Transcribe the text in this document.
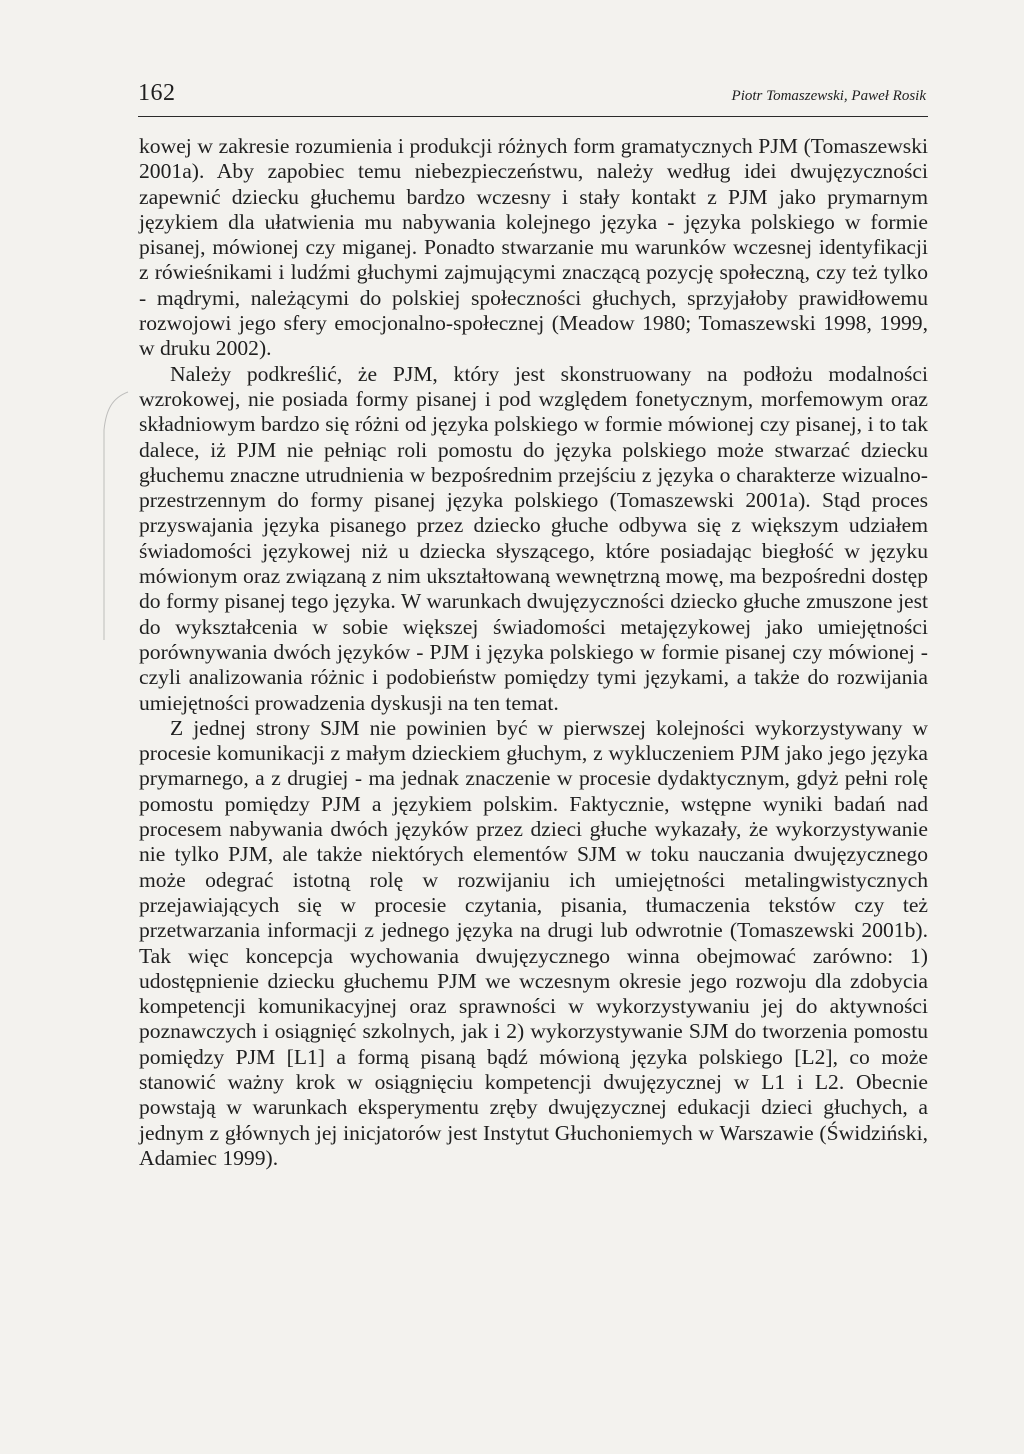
162	Piotr Tomaszewski, Paweł Rosik

kowej w zakresie rozumienia i produkcji różnych form gramatycznych PJM (Tomaszewski 2001a). Aby zapobiec temu niebezpieczeństwu, należy według idei dwujęzyczności zapewnić dziecku głuchemu bardzo wczesny i stały kontakt z PJM jako prymarnym językiem dla ułatwienia mu nabywania kolejnego języka - języka polskiego w formie pisanej, mówionej czy miganej. Ponadto stwarzanie mu warunków wczesnej identyfikacji z rówieśnikami i ludźmi głuchymi zajmującymi znaczącą pozycję społeczną, czy też tylko - mądrymi, należącymi do polskiej społeczności głuchych, sprzyjałoby prawidłowemu rozwojowi jego sfery emocjonalno-społecznej (Meadow 1980; Tomaszewski 1998, 1999, w druku 2002).

Należy podkreślić, że PJM, który jest skonstruowany na podłożu modalności wzrokowej, nie posiada formy pisanej i pod względem fonetycznym, morfemowym oraz składniowym bardzo się różni od języka polskiego w formie mówionej czy pisanej, i to tak dalece, iż PJM nie pełniąc roli pomostu do języka polskiego może stwarzać dziecku głuchemu znaczne utrudnienia w bezpośrednim przejściu z języka o charakterze wizualno-przestrzennym do formy pisanej języka polskiego (Tomaszewski 2001a). Stąd proces przyswajania języka pisanego przez dziecko głuche odbywa się z większym udziałem świadomości językowej niż u dziecka słyszącego, które posiadając biegłość w języku mówionym oraz związaną z nim ukształtowaną wewnętrzną mowę, ma bezpośredni dostęp do formy pisanej tego języka. W warunkach dwujęzyczności dziecko głuche zmuszone jest do wykształcenia w sobie większej świadomości metajęzykowej jako umiejętności porównywania dwóch języków - PJM i języka polskiego w formie pisanej czy mówionej - czyli analizowania różnic i podobieństw pomiędzy tymi językami, a także do rozwijania umiejętności prowadzenia dyskusji na ten temat.

Z jednej strony SJM nie powinien być w pierwszej kolejności wykorzystywany w procesie komunikacji z małym dzieckiem głuchym, z wykluczeniem PJM jako jego języka prymarnego, a z drugiej - ma jednak znaczenie w procesie dydaktycznym, gdyż pełni rolę pomostu pomiędzy PJM a językiem polskim. Faktycznie, wstępne wyniki badań nad procesem nabywania dwóch języków przez dzieci głuche wykazały, że wykorzystywanie nie tylko PJM, ale także niektórych elementów SJM w toku nauczania dwujęzycznego może odegrać istotną rolę w rozwijaniu ich umiejętności metalingwistycznych przejawiających się w procesie czytania, pisania, tłumaczenia tekstów czy też przetwarzania informacji z jednego języka na drugi lub odwrotnie (Tomaszewski 2001b). Tak więc koncepcja wychowania dwujęzycznego winna obejmować zarówno: 1) udostępnienie dziecku głuchemu PJM we wczesnym okresie jego rozwoju dla zdobycia kompetencji komunikacyjnej oraz sprawności w wykorzystywaniu jej do aktywności poznawczych i osiągnięć szkolnych, jak i 2) wykorzystywanie SJM do tworzenia pomostu pomiędzy PJM [L1] a formą pisaną bądź mówioną języka polskiego [L2], co może stanowić ważny krok w osiągnięciu kompetencji dwujęzycznej w L1 i L2. Obecnie powstają w warunkach eksperymentu zręby dwujęzycznej edukacji dzieci głuchych, a jednym z głównych jej inicjatorów jest Instytut Głuchoniemych w Warszawie (Świdziński, Adamiec 1999).
